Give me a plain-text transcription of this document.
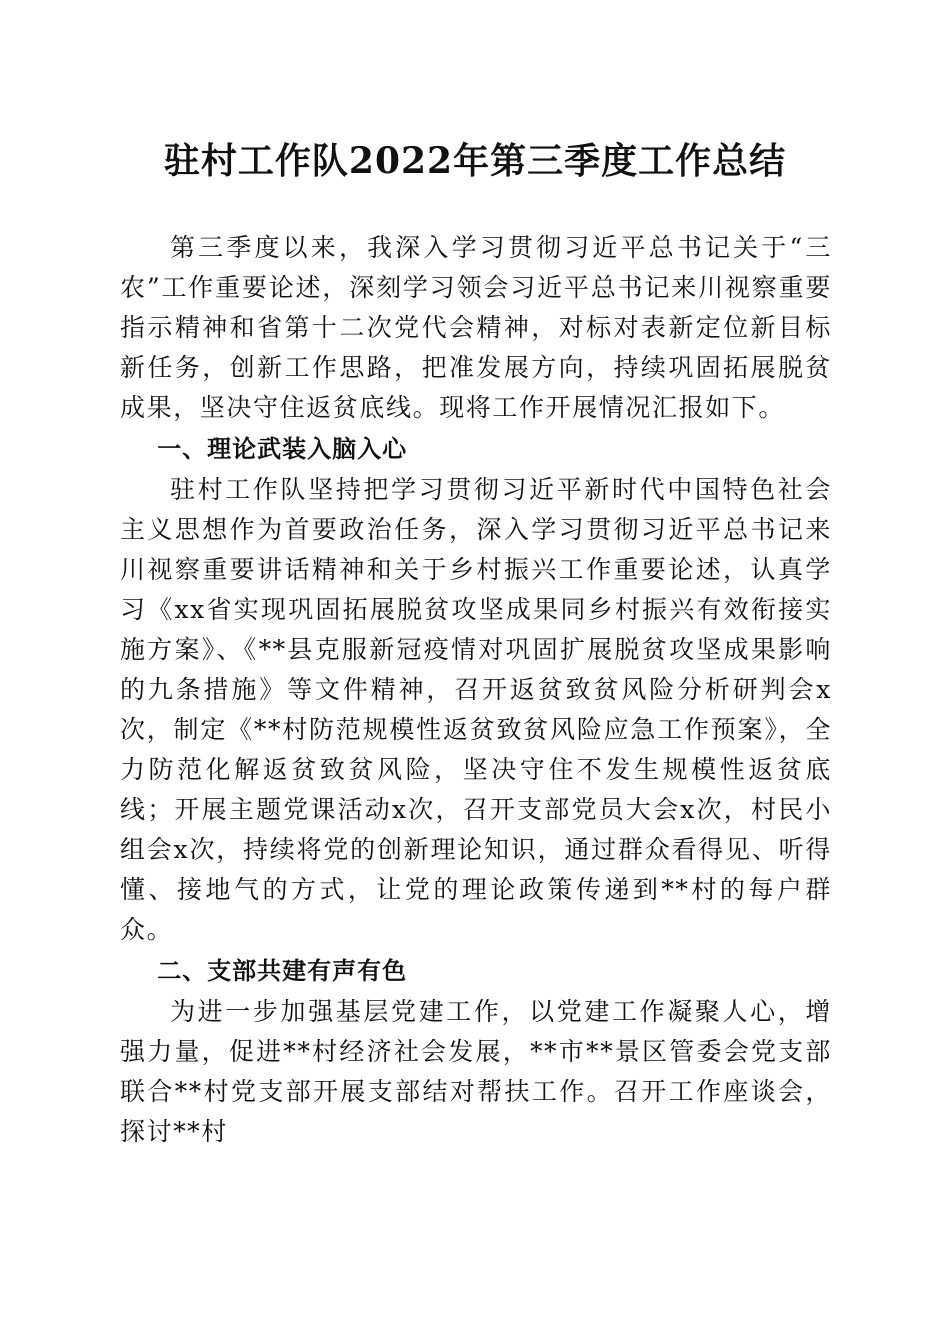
驻村工作队2022年第三季度工作总结

第三季度以来，我深入学习贯彻习近平总书记关于“三农”工作重要论述，深刻学习领会习近平总书记来川视察重要指示精神和省第十二次党代会精神，对标对表新定位新目标新任务，创新工作思路，把准发展方向，持续巩固拓展脱贫成果，坚决守住返贫底线。现将工作开展情况汇报如下。

一、理论武装入脑入心

驻村工作队坚持把学习贯彻习近平新时代中国特色社会主义思想作为首要政治任务，深入学习贯彻习近平总书记来川视察重要讲话精神和关于乡村振兴工作重要论述，认真学习《xx省实现巩固拓展脱贫攻坚成果同乡村振兴有效衔接实施方案》、《**县克服新冠疫情对巩固扩展脱贫攻坚成果影响的九条措施》等文件精神，召开返贫致贫风险分析研判会x次，制定《**村防范规模性返贫致贫风险应急工作预案》，全力防范化解返贫致贫风险，坚决守住不发生规模性返贫底线；开展主题党课活动x次，召开支部党员大会x次，村民小组会x次，持续将党的创新理论知识，通过群众看得见、听得懂、接地气的方式，让党的理论政策传递到**村的每户群众。

二、支部共建有声有色

为进一步加强基层党建工作，以党建工作凝聚人心，增强力量，促进**村经济社会发展，**市**景区管委会党支部联合**村党支部开展支部结对帮扶工作。召开工作座谈会，探讨**村
